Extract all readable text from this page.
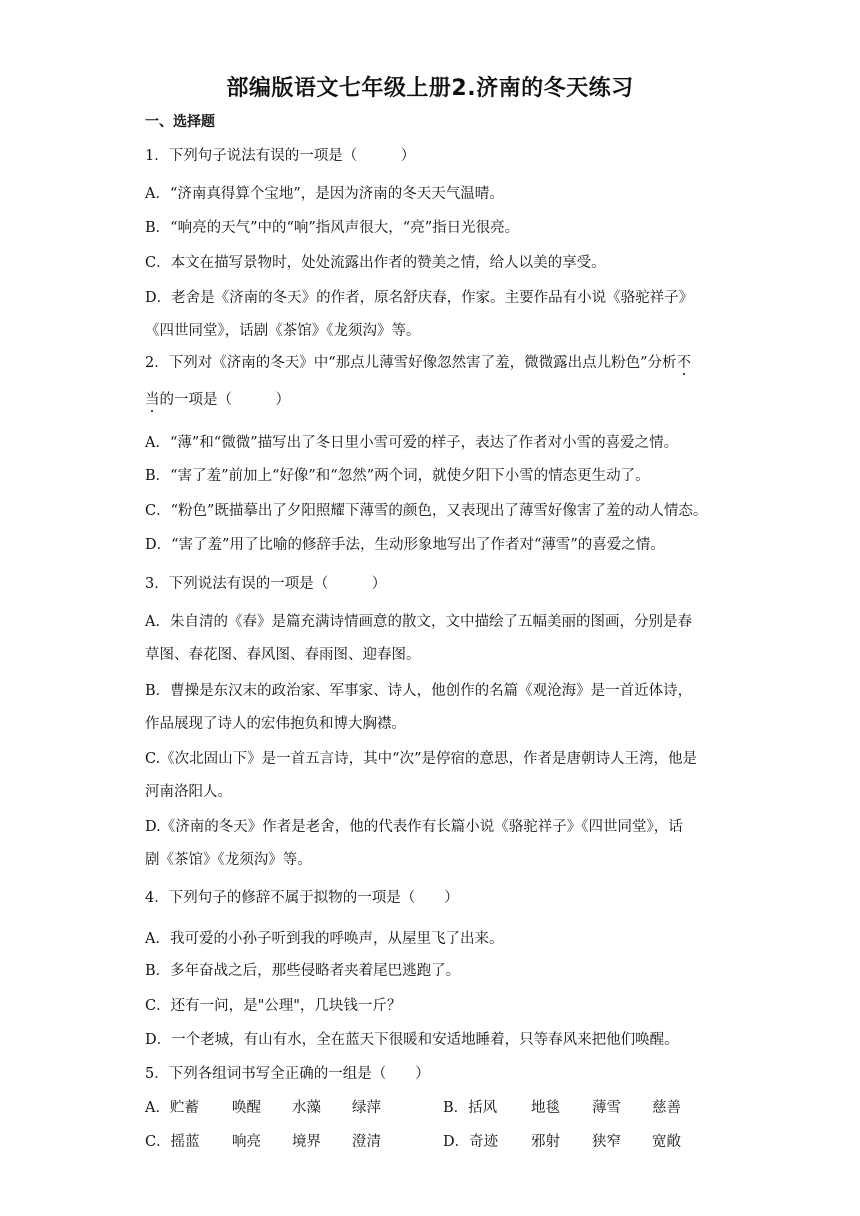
部编版语文七年级上册2.济南的冬天练习
一、选择题
1．下列句子说法有误的一项是（　　　）
A．“济南真得算个宝地”，是因为济南的冬天天气温晴。
B．“响亮的天气”中的“响”指风声很大，“亮”指日光很亮。
C．本文在描写景物时，处处流露出作者的赞美之情，给人以美的享受。
D．老舍是《济南的冬天》的作者，原名舒庆春，作家。主要作品有小说《骆驼祥子》
《四世同堂》，话剧《茶馆》《龙须沟》等。
2．下列对《济南的冬天》中“那点儿薄雪好像忽然害了羞，微微露出点儿粉色”分析不
当的一项是（　　　）
A．“薄”和“微微”描写出了冬日里小雪可爱的样子，表达了作者对小雪的喜爱之情。
B．“害了羞”前加上“好像”和“忽然”两个词，就使夕阳下小雪的情态更生动了。
C．“粉色”既描摹出了夕阳照耀下薄雪的颜色，又表现出了薄雪好像害了羞的动人情态。
D．“害了羞”用了比喻的修辞手法，生动形象地写出了作者对“薄雪”的喜爱之情。
3．下列说法有误的一项是（　　　）
A．朱自清的《春》是篇充满诗情画意的散文，文中描绘了五幅美丽的图画，分别是春
草图、春花图、春风图、春雨图、迎春图。
B．曹操是东汉末的政治家、军事家、诗人，他创作的名篇《观沧海》是一首近体诗，
作品展现了诗人的宏伟抱负和博大胸襟。
C.《次北固山下》是一首五言诗，其中“次”是停宿的意思，作者是唐朝诗人王湾，他是
河南洛阳人。
D.《济南的冬天》作者是老舍，他的代表作有长篇小说《骆驼祥子》《四世同堂》，话
剧《茶馆》《龙须沟》等。
4．下列句子的修辞不属于拟物的一项是（　　）
A．我可爱的小孙子听到我的呼唤声，从屋里飞了出来。
B．多年奋战之后，那些侵略者夹着尾巴逃跑了。
C．还有一问，是"公理"，几块钱一斤？
D．一个老城，有山有水，全在蓝天下很暖和安适地睡着，只等春风来把他们唤醒。
5．下列各组词书写全正确的一组是（　　）
A．贮蓄 唤醒 水藻 绿萍	B．括风 地毯 薄雪 慈善
C．摇蓝 响亮 境界 澄清	D．奇迹 邪射 狭窄 宽敞
